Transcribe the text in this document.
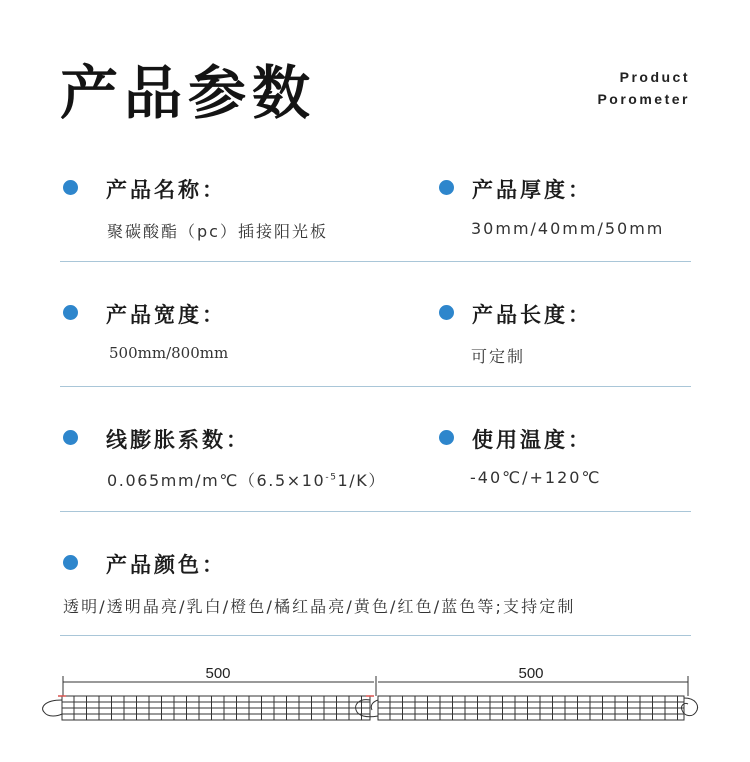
产品参数	Product
Porometer
产品名称：
聚碳酸酯（pc）插接阳光板
产品厚度：
30mm/40mm/50mm
产品宽度：
500mm/800mm
产品长度：
可定制
线膨胀系数：
$0.065mm/m℃(6.5\times 10^{-5}1/K)$
使用温度：
-40℃/+120℃
产品颜色：
透明/透明晶亮/乳白/橙色/橘红晶亮/黄色/红色/蓝色等;支持定制
500	500
